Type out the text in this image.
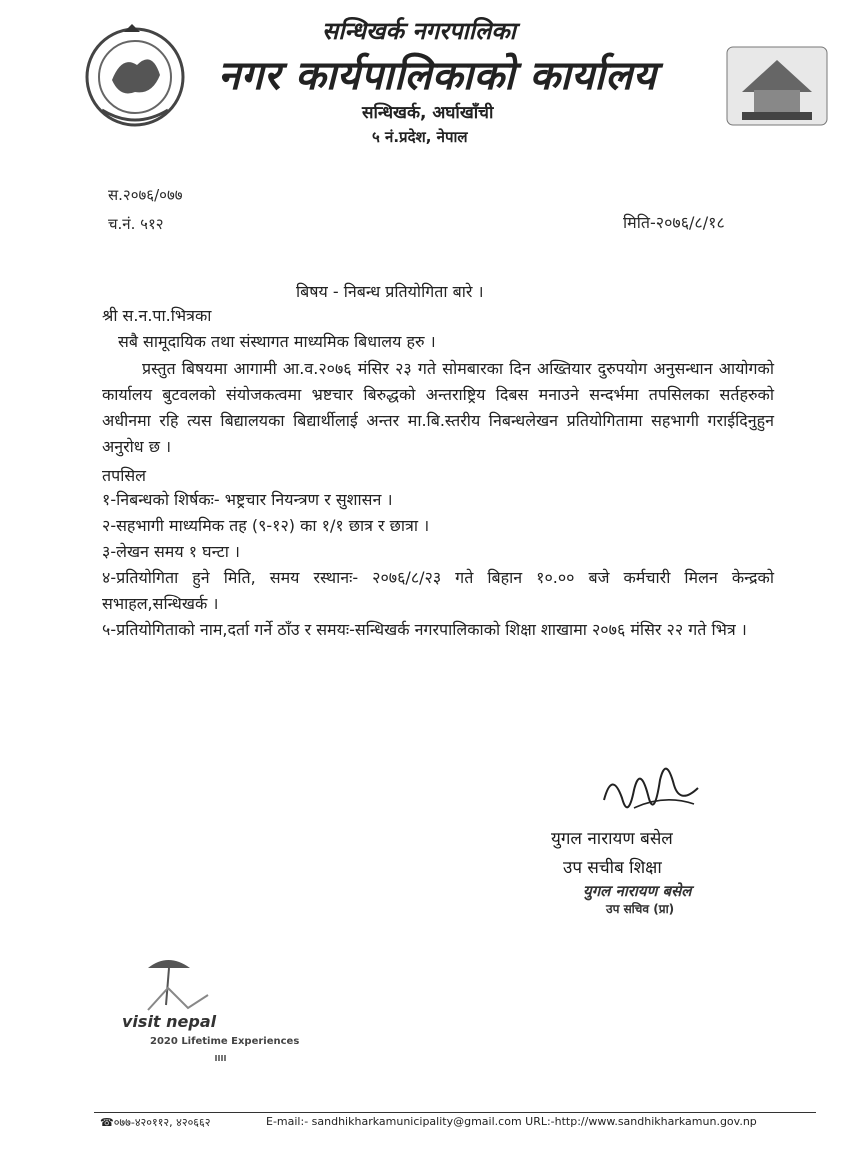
सन्धिखर्क नगरपालिका
नगर कार्यपालिकाको कार्यालय
सन्धिखर्क, अर्घाखाँची
५ नं.प्रदेश, नेपाल
स.२०७६/०७७
च.नं. ५१२	मिति-२०७६/८/१८
बिषय - निबन्ध प्रतियोगिता बारे ।
श्री स.न.पा.भित्रका
सबै सामूदायिक तथा संस्थागत माध्यमिक बिधालय हरु ।
प्रस्तुत बिषयमा आगामी आ.व.२०७६ मंसिर २३ गते सोमबारका दिन अख्तियार दुरुपयोग अनुसन्धान आयोगको कार्यालय बुटवलको संयोजकत्वमा भ्रष्टचार बिरुद्धको अन्तराष्ट्रिय दिबस मनाउने सन्दर्भमा तपसिलका सर्तहरुको अधीनमा रहि त्यस बिद्यालयका बिद्यार्थीलाई अन्तर मा.बि.स्तरीय निबन्धलेखन प्रतियोगितामा सहभागी गराईदिनुहुन अनुरोध छ ।
तपसिल
१-निबन्धको शिर्षकः- भष्ट्रचार नियन्त्रण र सुशासन ।
२-सहभागी माध्यमिक तह (९-१२) का १/१ छात्र र छात्रा ।
३-लेखन समय १ घन्टा ।
४-प्रतियोगिता हुने मिति, समय रस्थानः- २०७६/८/२३ गते बिहान १०.०० बजे कर्मचारी मिलन केन्द्रको सभाहल,सन्धिखर्क ।
५-प्रतियोगिताको नाम,दर्ता गर्ने ठाँउ र समयः-सन्धिखर्क नगरपालिकाको शिक्षा शाखामा २०७६ मंसिर २२ गते भित्र ।
युगल नारायण बसेल
उप सचीब शिक्षा
युगल नारायण बसेल
उप सचिव (प्रा)
visit nepal
2020 Lifetime Experiences
☎०७७-४२०११२, ४२०६६२	E-mail:- sandhikharkamunicipality@gmail.com URL:-http://www.sandhikharkamun.gov.np
